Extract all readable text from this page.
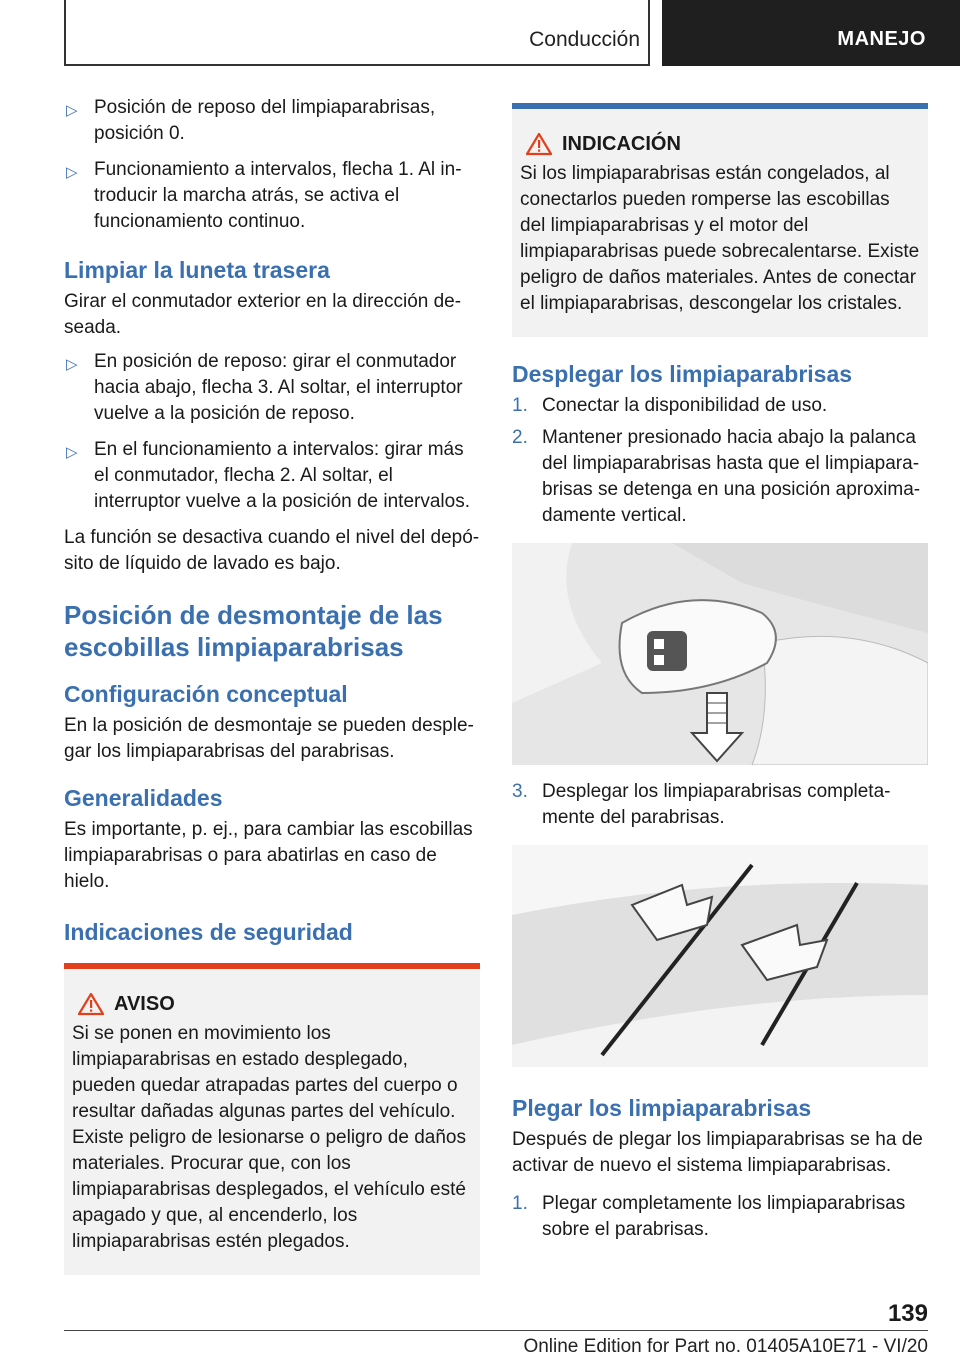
Conducción	MANEJO
▷ Posición de reposo del limpiaparabrisas, posición 0.
▷ Funcionamiento a intervalos, flecha 1. Al introducir la marcha atrás, se activa el funcionamiento continuo.
Limpiar la luneta trasera
Girar el conmutador exterior en la dirección deseada.
▷ En posición de reposo: girar el conmutador hacia abajo, flecha 3. Al soltar, el interruptor vuelve a la posición de reposo.
▷ En el funcionamiento a intervalos: girar más el conmutador, flecha 2. Al soltar, el interruptor vuelve a la posición de intervalos.
La función se desactiva cuando el nivel del depósito de líquido de lavado es bajo.
Posición de desmontaje de las escobillas limpiaparabrisas
Configuración conceptual
En la posición de desmontaje se pueden desplegar los limpiaparabrisas del parabrisas.
Generalidades
Es importante, p. ej., para cambiar las escobillas limpiaparabrisas o para abatirlas en caso de hielo.
Indicaciones de seguridad
AVISO
Si se ponen en movimiento los limpiaparabrisas en estado desplegado, pueden quedar atrapadas partes del cuerpo o resultar dañadas algunas partes del vehículo. Existe peligro de lesionarse o peligro de daños materiales. Procurar que, con los limpiaparabrisas desplegados, el vehículo esté apagado y que, al encenderlo, los limpiaparabrisas estén plegados.
INDICACIÓN
Si los limpiaparabrisas están congelados, al conectarlos pueden romperse las escobillas del limpiaparabrisas y el motor del limpiaparabrisas puede sobrecalentarse. Existe peligro de daños materiales. Antes de conectar el limpiaparabrisas, descongelar los cristales.
Desplegar los limpiaparabrisas
1. Conectar la disponibilidad de uso.
2. Mantener presionado hacia abajo la palanca del limpiaparabrisas hasta que el limpiaparabrisas se detenga en una posición aproximadamente vertical.
3. Desplegar los limpiaparabrisas completamente del parabrisas.
Plegar los limpiaparabrisas
Después de plegar los limpiaparabrisas se ha de activar de nuevo el sistema limpiaparabrisas.
1. Plegar completamente los limpiaparabrisas sobre el parabrisas.
139
Online Edition for Part no. 01405A10E71 - VI/20
